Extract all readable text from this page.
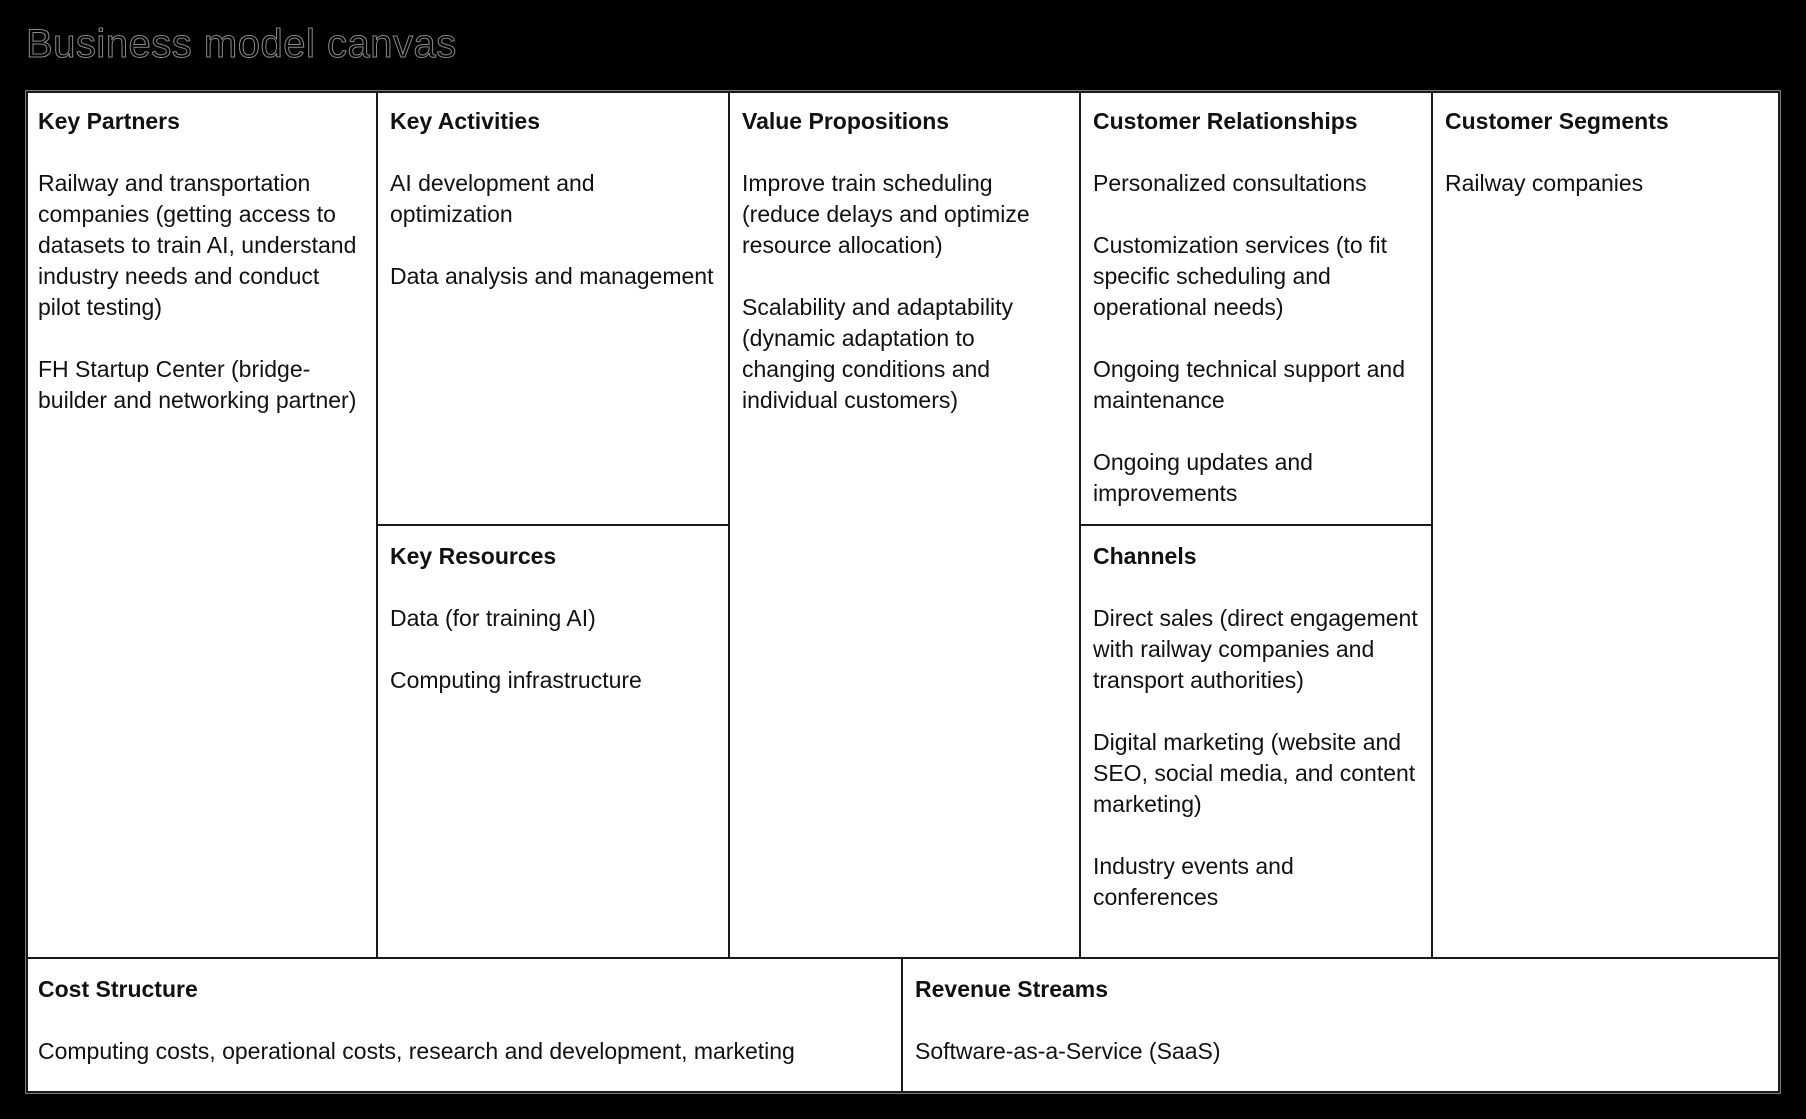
Business model canvas
Key Partners

Railway and transportation companies (getting access to datasets to train AI, understand industry needs and conduct pilot testing)

FH Startup Center (bridge-builder and networking partner)

Key Activities

AI development and optimization

Data analysis and management

Key Resources

Data (for training AI)

Computing infrastructure

Value Propositions

Improve train scheduling (reduce delays and optimize resource allocation)

Scalability and adaptability (dynamic adaptation to changing conditions and individual customers)

Customer Relationships

Personalized consultations

Customization services (to fit specific scheduling and operational needs)

Ongoing technical support and maintenance

Ongoing updates and improvements

Channels

Direct sales (direct engagement with railway companies and transport authorities)

Digital marketing (website and SEO, social media, and content marketing)

Industry events and conferences

Customer Segments

Railway companies

Cost Structure

Computing costs, operational costs, research and development, marketing

Revenue Streams

Software-as-a-Service (SaaS)
